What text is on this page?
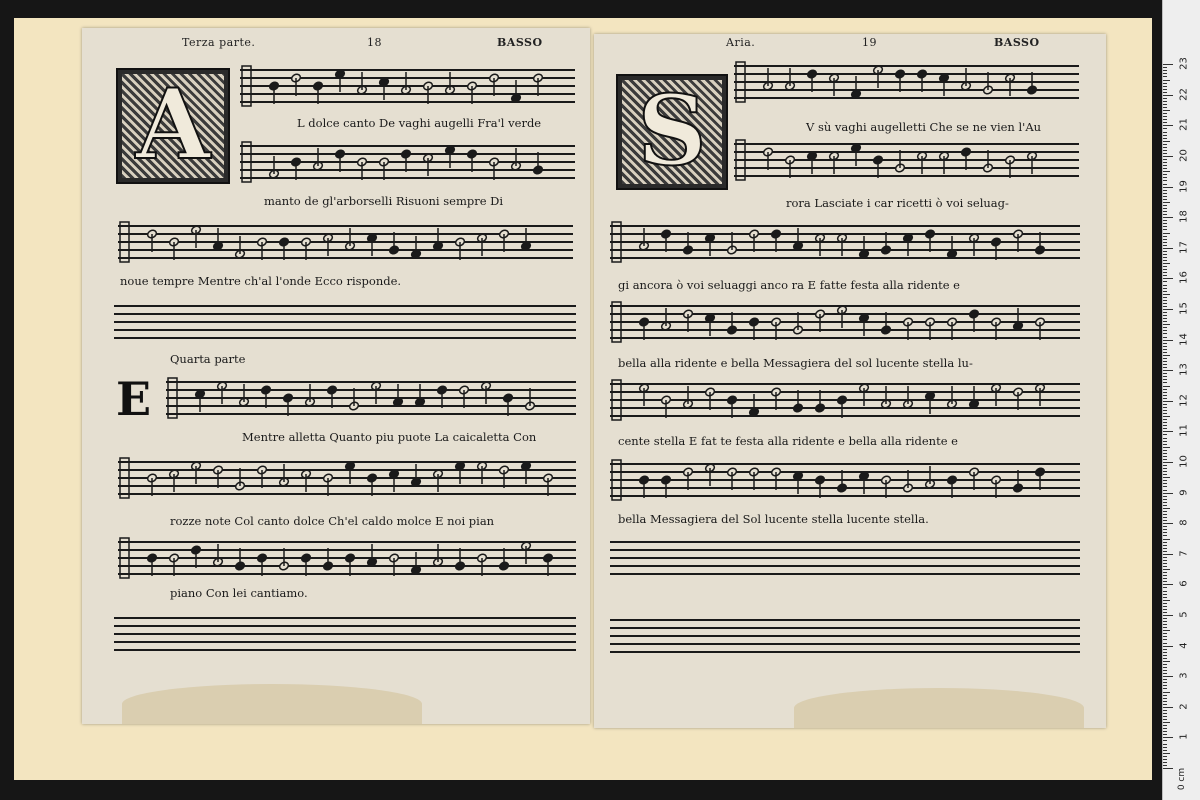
Terza parte.	18	BASSO
A	L dolce canto De vaghi augelli Fra'l verde
manto de gl'arborselli Risuoni sempre Di
noue tempre Mentre ch'al l'onde Ecco risponde.
Quarta parte
E
Mentre alletta Quanto piu puote La caicaletta Con
rozze note Col canto dolce Ch'el caldo molce E noi pian
piano Con lei cantiamo.
Aria.	19	BASSO
S	V sù vaghi augelletti Che se ne vien l'Au
rora Lasciate i car ricetti ò voi seluag-
gi ancora ò voi seluaggi anco ra E fatte festa alla ridente e
bella alla ridente e bella Messagiera del sol lucente stella lu-
cente stella E fat te festa alla ridente e bella alla ridente e
bella Messagiera del Sol lucente stella lucente stella.
1
2
3
4
5
6
7
8
9
10
11
12
13
14
15
16
17
18
19
20
21
22
23
0 cm
